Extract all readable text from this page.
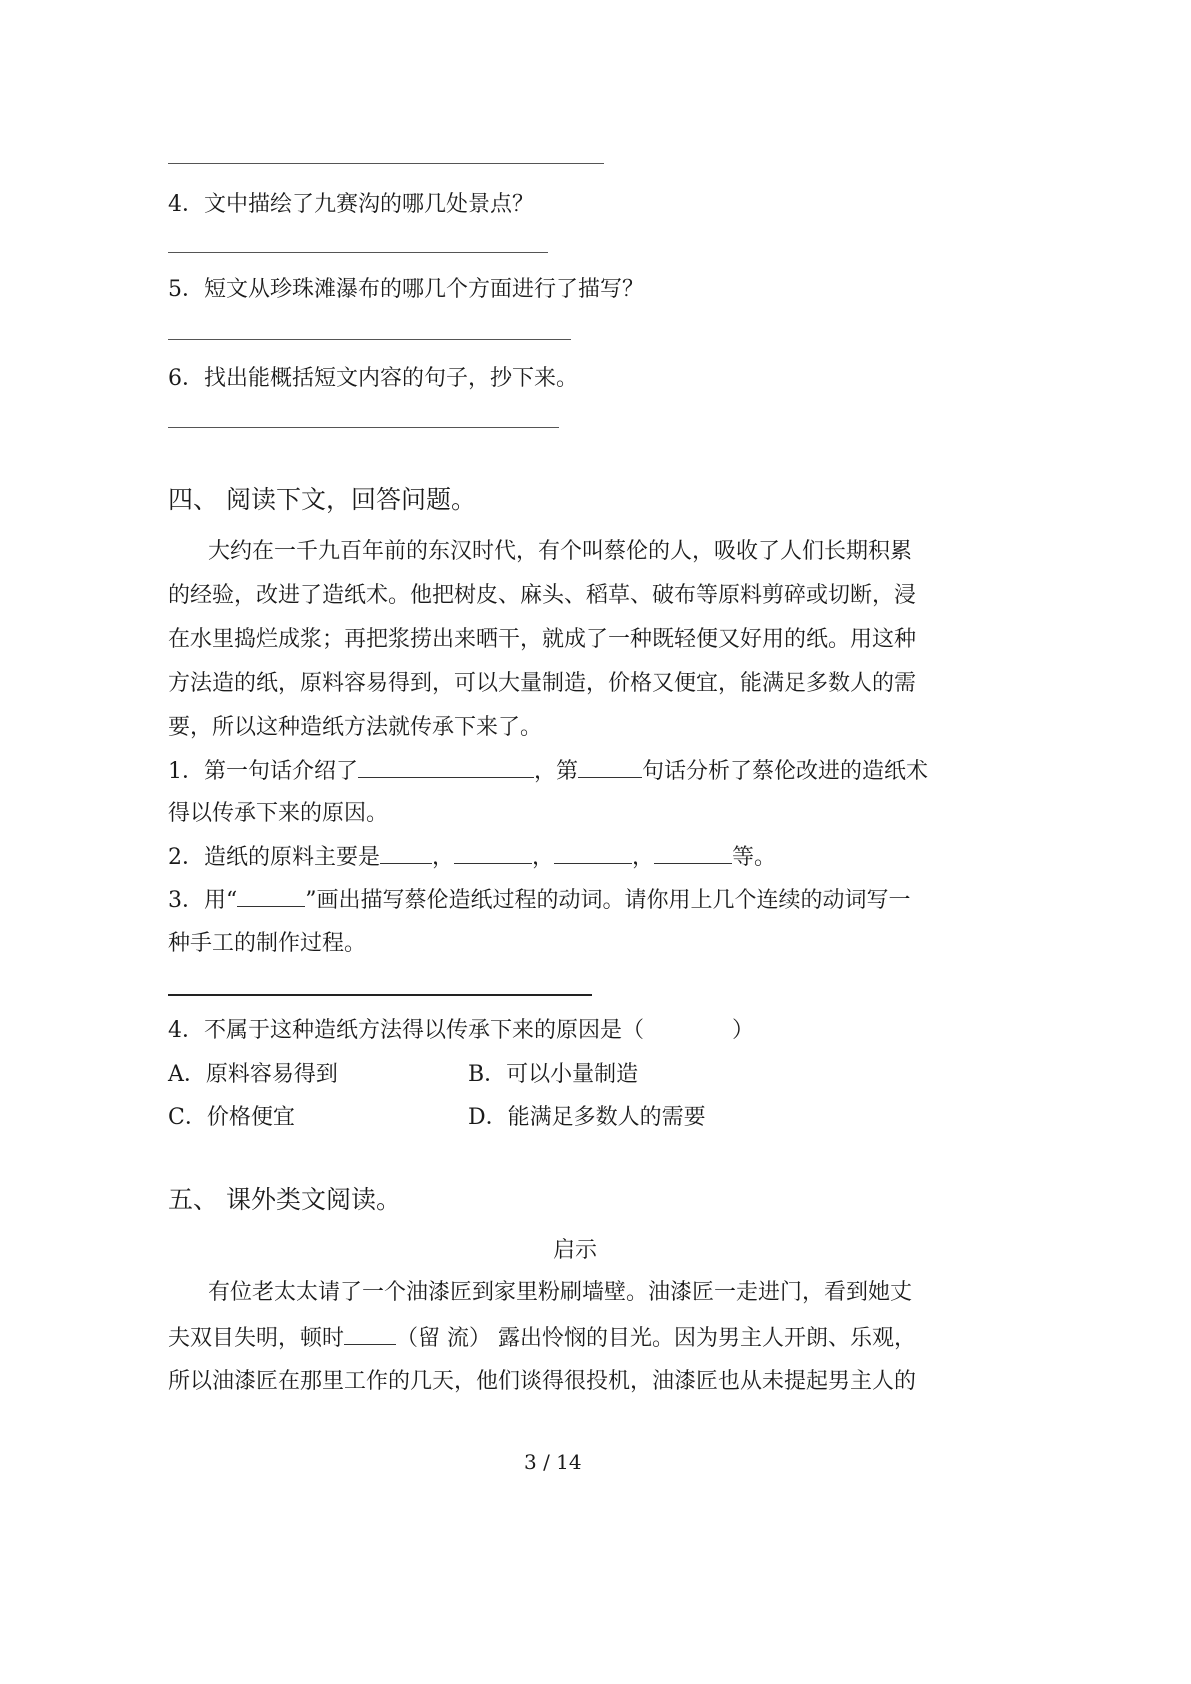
4．文中描绘了九赛沟的哪几处景点？
5．短文从珍珠滩瀑布的哪几个方面进行了描写？
6．找出能概括短文内容的句子，抄下来。
四、 阅读下文，回答问题。
大约在一千九百年前的东汉时代，有个叫蔡伦的人，吸收了人们长期积累
的经验，改进了造纸术。他把树皮、麻头、稻草、破布等原料剪碎或切断，浸
在水里捣烂成浆；再把浆捞出来晒干，就成了一种既轻便又好用的纸。用这种
方法造的纸，原料容易得到，可以大量制造，价格又便宜，能满足多数人的需
要，所以这种造纸方法就传承下来了。
1．第一句话介绍了	，第	句话分析了蔡伦改进的造纸术
得以传承下来的原因。
2．造纸的原料主要是 ，	，	，	等。
3．用“	”画出描写蔡伦造纸过程的动词。请你用上几个连续的动词写一
种手工的制作过程。
4．不属于这种造纸方法得以传承下来的原因是（　　　　）
A．原料容易得到	B．可以小量制造
C．价格便宜	D．能满足多数人的需要
五、 课外类文阅读。
启示
有位老太太请了一个油漆匠到家里粉刷墙壁。油漆匠一走进门，看到她丈
夫双目失明，顿时 （留 流） 露出怜悯的目光。因为男主人开朗、乐观，
所以油漆匠在那里工作的几天，他们谈得很投机，油漆匠也从未提起男主人的
3 / 14
